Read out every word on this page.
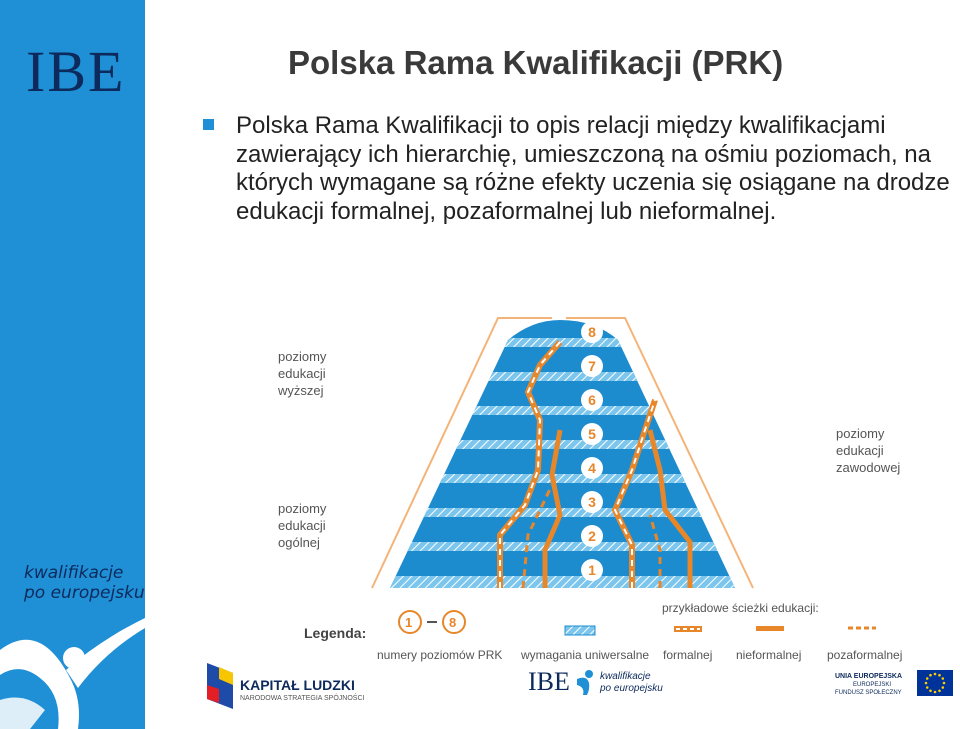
IBE
kwalifikacje
po europejsku
Polska Rama Kwalifikacji (PRK)
Polska Rama Kwalifikacji to opis relacji między kwalifikacjami zawierający ich hierarchię, umieszczoną na ośmiu poziomach, na których wymagane są różne efekty uczenia się osiągane na drodze edukacji formalnej, pozaformalnej lub nieformalnej.
8
7
6
5
4
3
2
1
poziomy
edukacji
wyższej
poziomy
edukacji
ogólnej
poziomy
edukacji
zawodowej
przykładowe ścieżki edukacji:
Legenda:
1	8
numery poziomów PRK wymagania uniwersalne formalnej nieformalnej pozaformalnej
KAPITAŁ LUDZKI
NARODOWA STRATEGIA SPÓJNOŚCI
IBE	kwalifikacje
po europejsku
UNIA EUROPEJSKA
EUROPEJSKI
FUNDUSZ SPOŁECZNY
